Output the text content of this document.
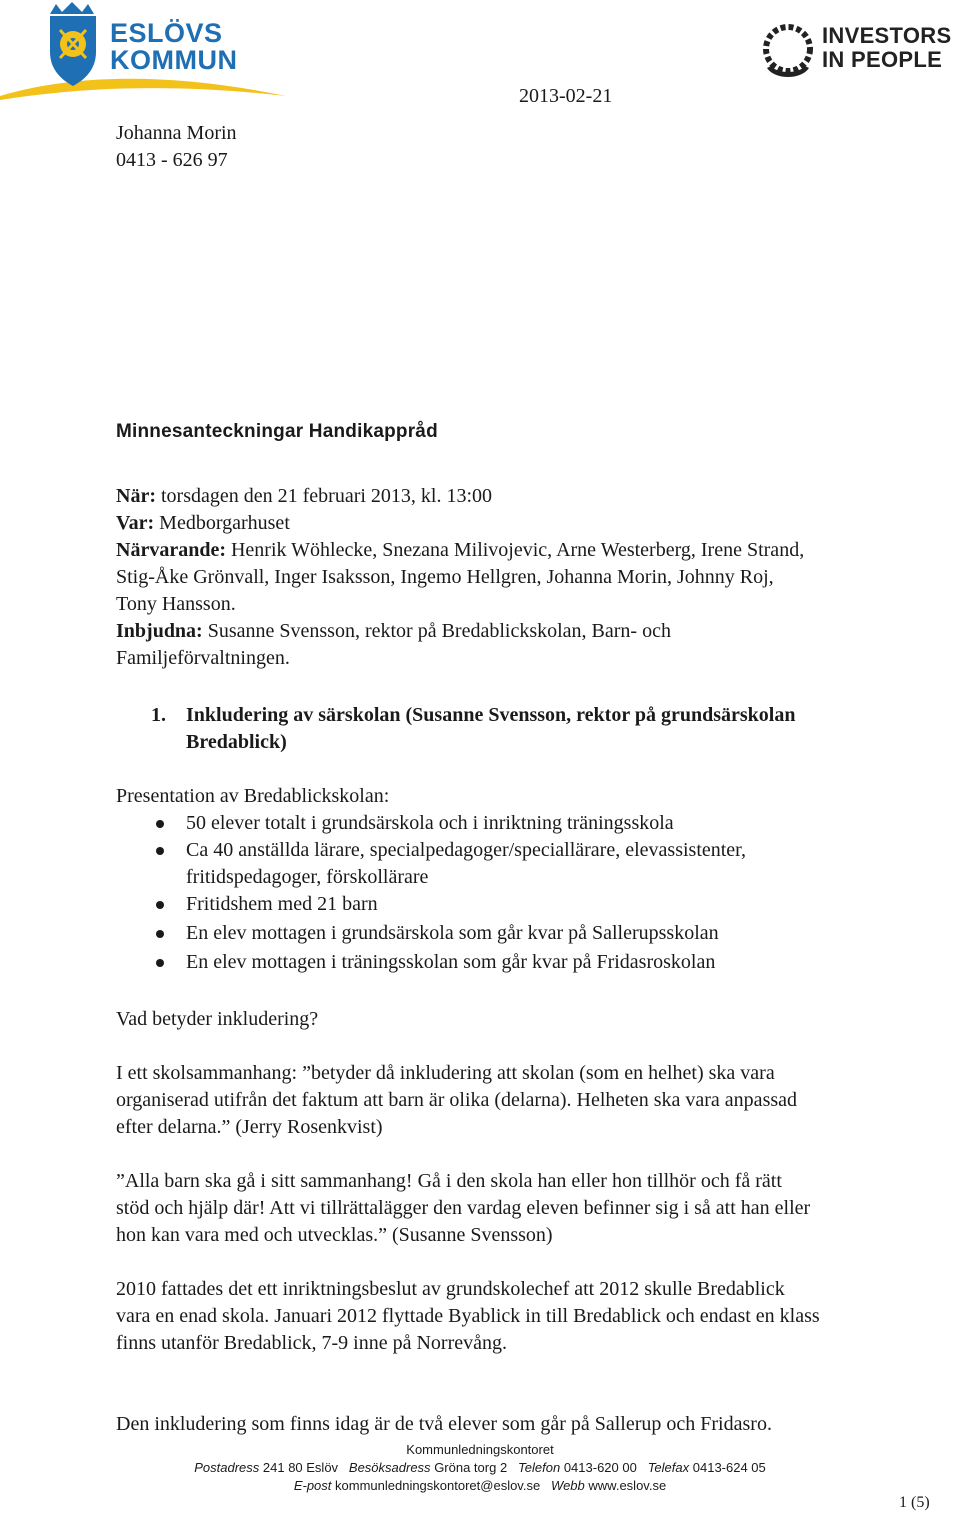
ESLÖVS
KOMMUN
INVESTORS
IN PEOPLE
2013-02-21
Johanna Morin
0413 - 626 97
Minnesanteckningar Handikappråd
När: torsdagen den 21 februari 2013, kl. 13:00
Var: Medborgarhuset
Närvarande: Henrik Wöhlecke, Snezana Milivojevic, Arne Westerberg, Irene Strand,
Stig-Åke Grönvall, Inger Isaksson, Ingemo Hellgren, Johanna Morin, Johnny Roj,
Tony Hansson.
Inbjudna: Susanne Svensson, rektor på Bredablickskolan, Barn- och
Familjeförvaltningen.
1. Inkludering av särskolan (Susanne Svensson, rektor på grundsärskolan
Bredablick)
Presentation av Bredablickskolan:
50 elever totalt i grundsärskola och i inriktning träningsskola
Ca 40 anställda lärare, specialpedagoger/speciallärare, elevassistenter,
fritidspedagoger, förskollärare
Fritidshem med 21 barn
En elev mottagen i grundsärskola som går kvar på Sallerupsskolan
En elev mottagen i träningsskolan som går kvar på Fridasroskolan
Vad betyder inkludering?
I ett skolsammanhang: ”betyder då inkludering att skolan (som en helhet) ska vara
organiserad utifrån det faktum att barn är olika (delarna). Helheten ska vara anpassad
efter delarna.” (Jerry Rosenkvist)
”Alla barn ska gå i sitt sammanhang! Gå i den skola han eller hon tillhör och få rätt
stöd och hjälp där! Att vi tillrättalägger den vardag eleven befinner sig i så att han eller
hon kan vara med och utvecklas.” (Susanne Svensson)
2010 fattades det ett inriktningsbeslut av grundskolechef att 2012 skulle Bredablick
vara en enad skola. Januari 2012 flyttade Byablick in till Bredablick och endast en klass
finns utanför Bredablick, 7-9 inne på Norrevång.
Den inkludering som finns idag är de två elever som går på Sallerup och Fridasro.
Kommunledningskontoret
Postadress 241 80 Eslöv Besöksadress Gröna torg 2 Telefon 0413-620 00 Telefax 0413-624 05
E-post kommunledningskontoret@eslov.se Webb www.eslov.se
1 (5)
